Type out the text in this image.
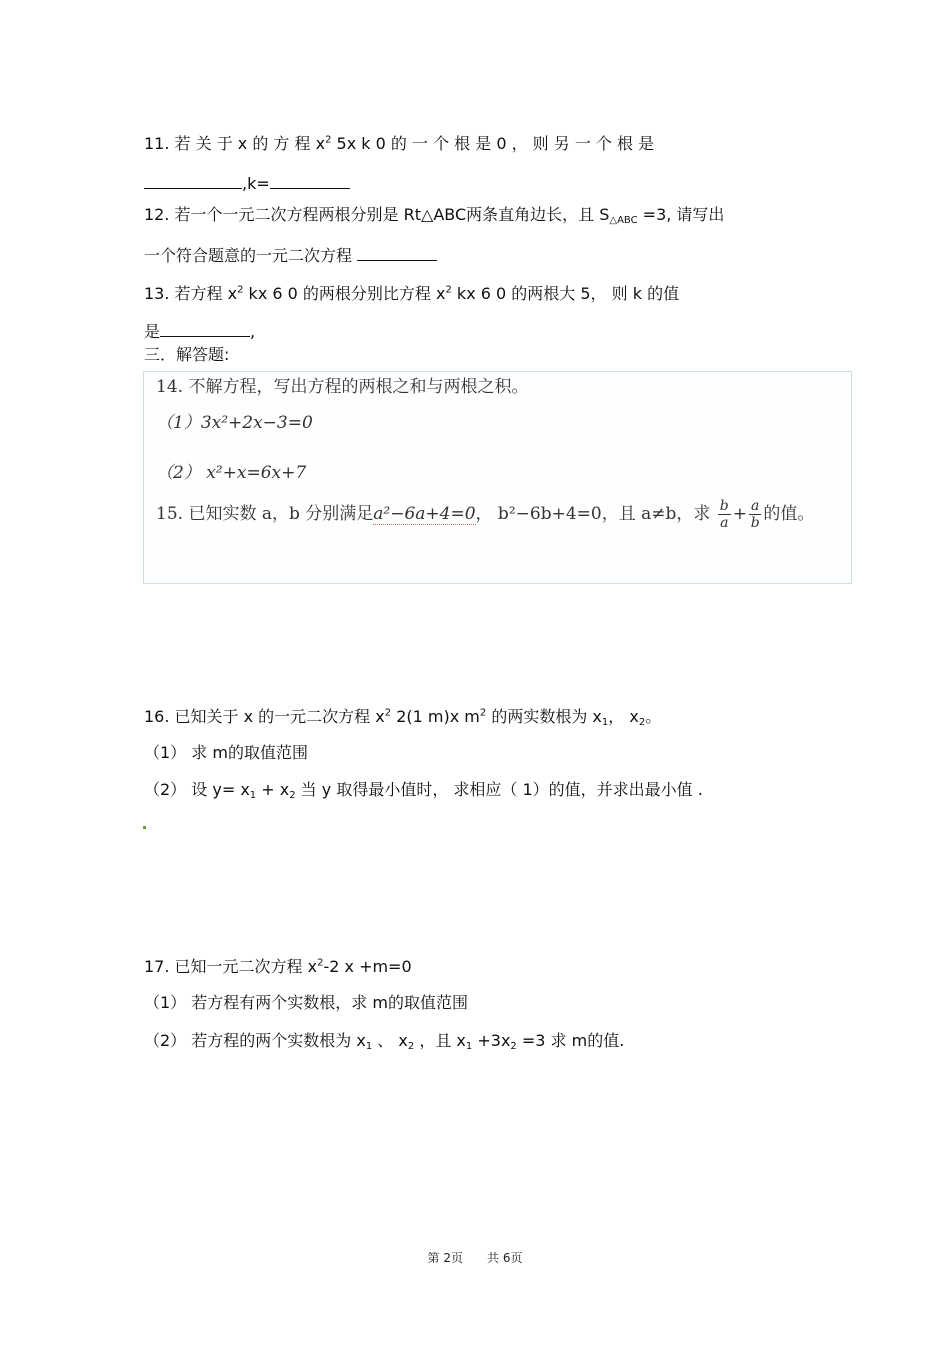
11. 若 关 于 x 的 方 程 $x^2$ 5x k 0 的 一 个 根 是 0 ， 则 另 一 个 根 是
,k=
12. 若一个一元二次方程两根分别是 Rt△ABC两条直角边长，且 $S_{\triangle ABC} =3$, 请写出
一个符合题意的一元二次方程
13. 若方程 $x^2$ kx 6 0 的两根分别比方程 $x^2$ kx 6 0 的两根大 5， 则 k 的值
是	,
三．解答题:
14. 不解方程，写出方程的两根之和与两根之积。
（1）3x²+2x−3=0
（2） x²+x=6x+7
15. 已知实数 a，b 分别满足a²−6a+4=0， b²−6b+4=0，且 a≠b，求 $\frac{b}{a} + \frac{a}{b}$ 的值。
16. 已知关于 x 的一元二次方程 $x^2$ 2(1 m)x $m^2$ 的两实数根为 $x_1$， $x_2$。
（1） 求 m的取值范围
（2） 设 $y= x_1 + x_2$ 当 y 取得最小值时， 求相应（ 1）的值，并求出最小值 .
17. 已知一元二次方程 $x^2-2$ x +m=0
（1） 若方程有两个实数根，求 m的取值范围
（2） 若方程的两个实数根为 $x_1$ 、 $x_2$ ，且 $x_1 +3x_2 =3$ 求 m的值.
第 2页 共 6页
